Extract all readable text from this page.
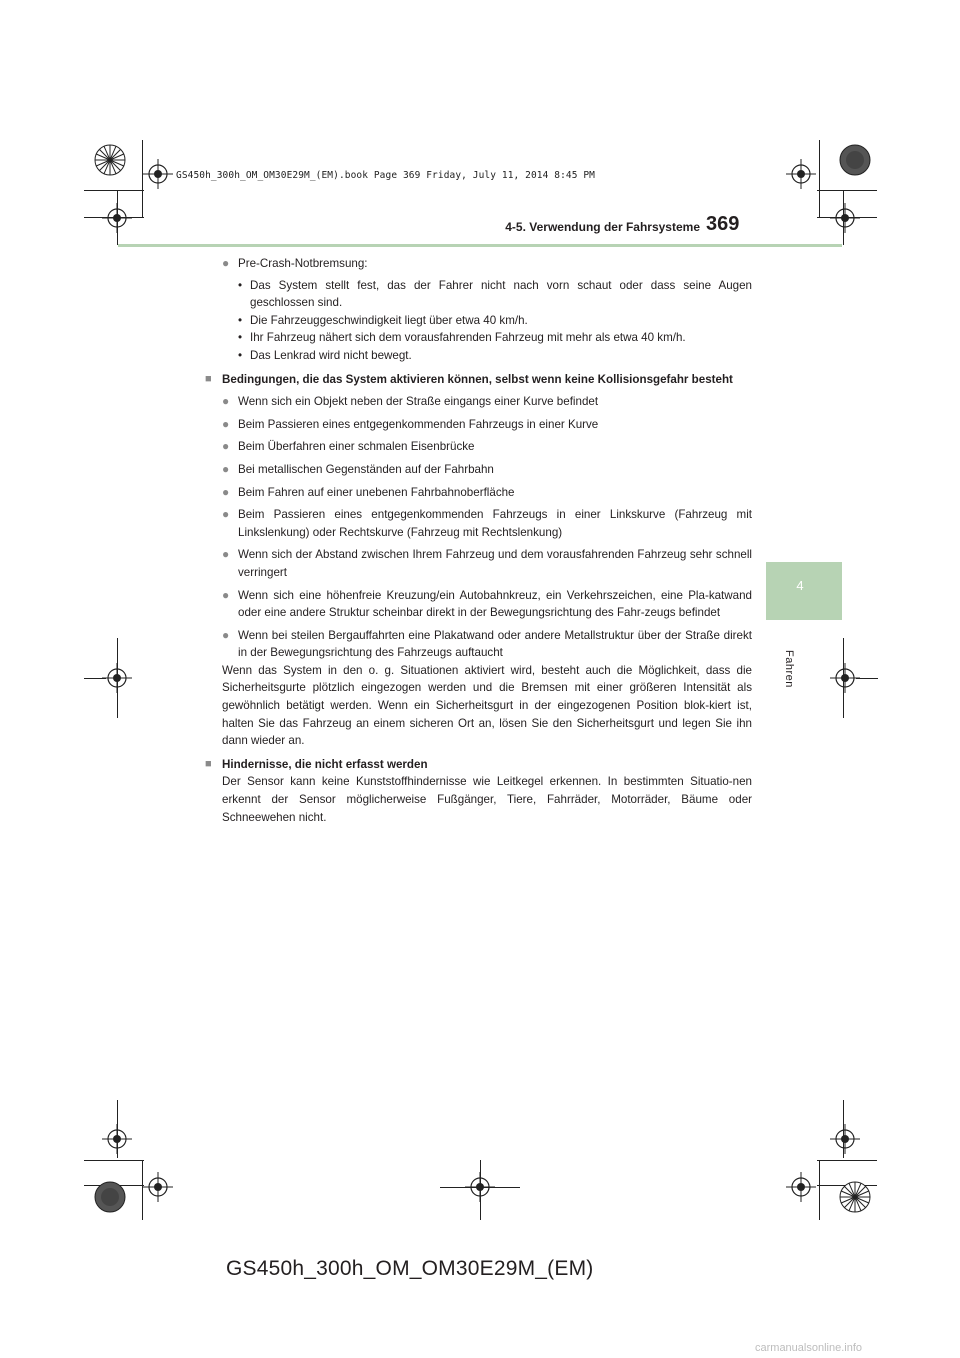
GS450h_300h_OM_OM30E29M_(EM).book Page 369 Friday, July 11, 2014 8:45 PM
4-5. Verwendung der Fahrsysteme 369
4
Fahren
● Pre-Crash-Notbremsung:
• Das System stellt fest, das der Fahrer nicht nach vorn schaut oder dass seine Augen geschlossen sind.
• Die Fahrzeuggeschwindigkeit liegt über etwa 40 km/h.
• Ihr Fahrzeug nähert sich dem vorausfahrenden Fahrzeug mit mehr als etwa 40 km/h.
• Das Lenkrad wird nicht bewegt.
■ Bedingungen, die das System aktivieren können, selbst wenn keine Kollisionsgefahr besteht
● Wenn sich ein Objekt neben der Straße eingangs einer Kurve befindet
● Beim Passieren eines entgegenkommenden Fahrzeugs in einer Kurve
● Beim Überfahren einer schmalen Eisenbrücke
● Bei metallischen Gegenständen auf der Fahrbahn
● Beim Fahren auf einer unebenen Fahrbahnoberfläche
● Beim Passieren eines entgegenkommenden Fahrzeugs in einer Linkskurve (Fahrzeug mit Linkslenkung) oder Rechtskurve (Fahrzeug mit Rechtslenkung)
● Wenn sich der Abstand zwischen Ihrem Fahrzeug und dem vorausfahrenden Fahrzeug sehr schnell verringert
● Wenn sich eine höhenfreie Kreuzung/ein Autobahnkreuz, ein Verkehrszeichen, eine Pla-katwand oder eine andere Struktur scheinbar direkt in der Bewegungsrichtung des Fahr-zeugs befindet
● Wenn bei steilen Bergauffahrten eine Plakatwand oder andere Metallstruktur über der Straße direkt in der Bewegungsrichtung des Fahrzeugs auftaucht

Wenn das System in den o. g. Situationen aktiviert wird, besteht auch die Möglichkeit, dass die Sicherheitsgurte plötzlich eingezogen werden und die Bremsen mit einer größeren Intensität als gewöhnlich betätigt werden. Wenn ein Sicherheitsgurt in der eingezogenen Position blok-kiert ist, halten Sie das Fahrzeug an einem sicheren Ort an, lösen Sie den Sicherheitsgurt und legen Sie ihn dann wieder an.

■ Hindernisse, die nicht erfasst werden

Der Sensor kann keine Kunststoffhindernisse wie Leitkegel erkennen. In bestimmten Situatio-nen erkennt der Sensor möglicherweise Fußgänger, Tiere, Fahrräder, Motorräder, Bäume oder Schneewehen nicht.

GS450h_300h_OM_OM30E29M_(EM)
carmanualsonline.info
